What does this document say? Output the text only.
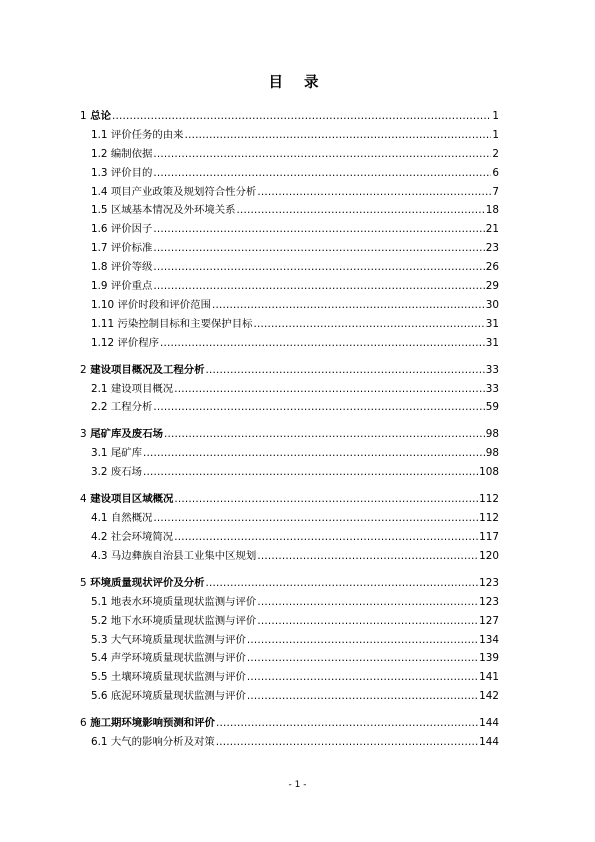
目 录
1 总论 .....	1
1.1 评价任务的由来 .....	1
1.2 编制依据 .....	2
1.3 评价目的 .....	6
1.4 项目产业政策及规划符合性分析 .....	7
1.5 区域基本情况及外环境关系 .....	18
1.6 评价因子 .....	21
1.7 评价标准 .....	23
1.8 评价等级 .....	26
1.9 评价重点 .....	29
1.10 评价时段和评价范围 .....	30
1.11 污染控制目标和主要保护目标 .....	31
1.12 评价程序 .....	31
2 建设项目概况及工程分析 .....	33
2.1 建设项目概况 .....	33
2.2 工程分析 .....	59
3 尾矿库及废石场 .....	98
3.1 尾矿库 .....	98
3.2 废石场 .....	108
4 建设项目区域概况 .....	112
4.1 自然概况 .....	112
4.2 社会环境简况 .....	117
4.3 马边彝族自治县工业集中区规划 .....	120
5 环境质量现状评价及分析 .....	123
5.1 地表水环境质量现状监测与评价 .....	123
5.2 地下水环境质量现状监测与评价 .....	127
5.3 大气环境质量现状监测与评价 .....	134
5.4 声学环境质量现状监测与评价 .....	139
5.5 土壤环境质量现状监测与评价 .....	141
5.6 底泥环境质量现状监测与评价 .....	142
6 施工期环境影响预测和评价 .....	144
6.1 大气的影响分析及对策 .....	144
- 1 -
